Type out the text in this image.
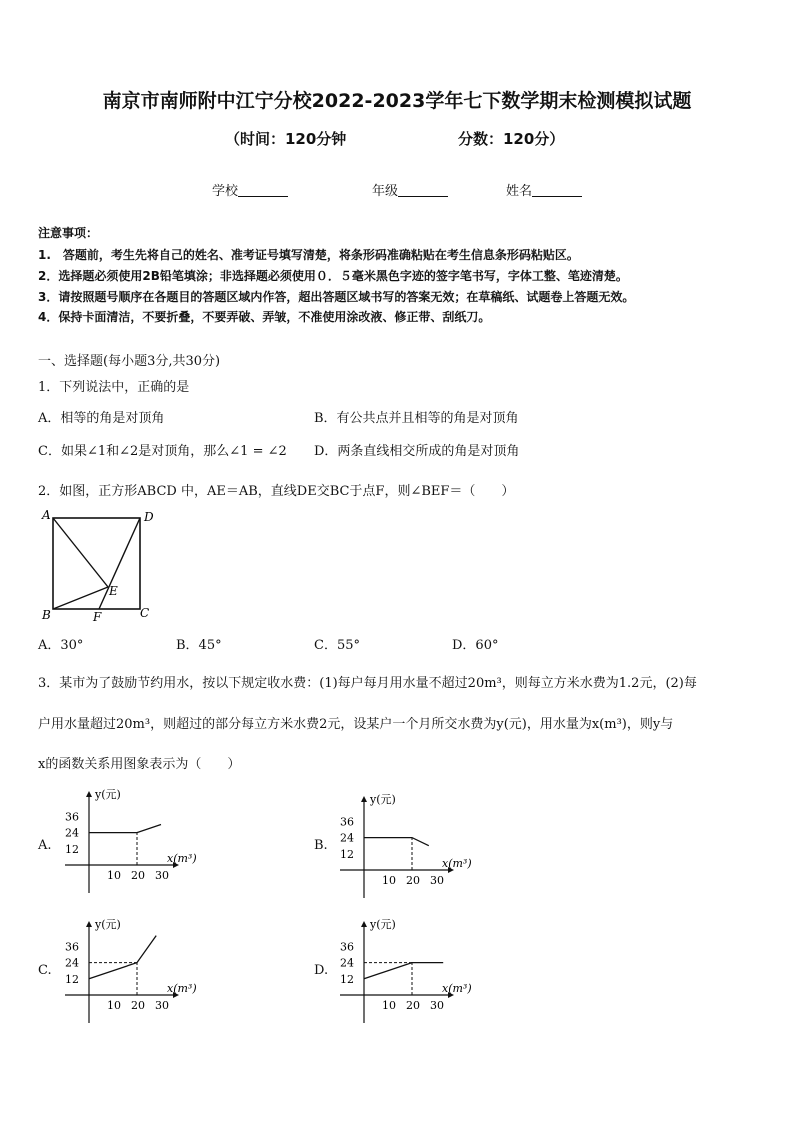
南京市南师附中江宁分校2022-2023学年七下数学期末检测模拟试题
（时间：120分钟	分数：120分）
学校	年级	姓名
注意事项：
1.　答题前，考生先将自己的姓名、准考证号填写清楚，将条形码准确粘贴在考生信息条形码粘贴区。
2．选择题必须使用2B铅笔填涂；非选择题必须使用０．５毫米黑色字迹的签字笔书写，字体工整、笔迹清楚。
3．请按照题号顺序在各题目的答题区域内作答，超出答题区域书写的答案无效；在草稿纸、试题卷上答题无效。
4．保持卡面清洁，不要折叠，不要弄破、弄皱，不准使用涂改液、修正带、刮纸刀。
一、选择题(每小题3分,共30分)
1．下列说法中，正确的是
A．相等的角是对顶角	B．有公共点并且相等的角是对顶角
C．如果∠1和∠2是对顶角，那么∠1 = ∠2 D．两条直线相交所成的角是对顶角
2．如图，正方形ABCD 中，AE＝AB，直线DE交BC于点F，则∠BEF＝（　　）
A	D
B	C
E
F
A．30°	B．45°	C．55°	D．60°
3．某市为了鼓励节约用水，按以下规定收水费：(1)每户每月用水量不超过20m³，则每立方米水费为1.2元，(2)每
户用水量超过20m³，则超过的部分每立方米水费2元，设某户一个月所交水费为y(元)，用水量为x(m³)，则y与
x的函数关系用图象表示为（　　）
A.	B.
C.	D.
10 20 30
12
24
36
x(m³)
y(元)
10 20 30
12
24
36
x(m³)
y(元)
10 20 30
12
24
36
x(m³)
y(元)
10 20 30
12
24
36
x(m³)
y(元)
